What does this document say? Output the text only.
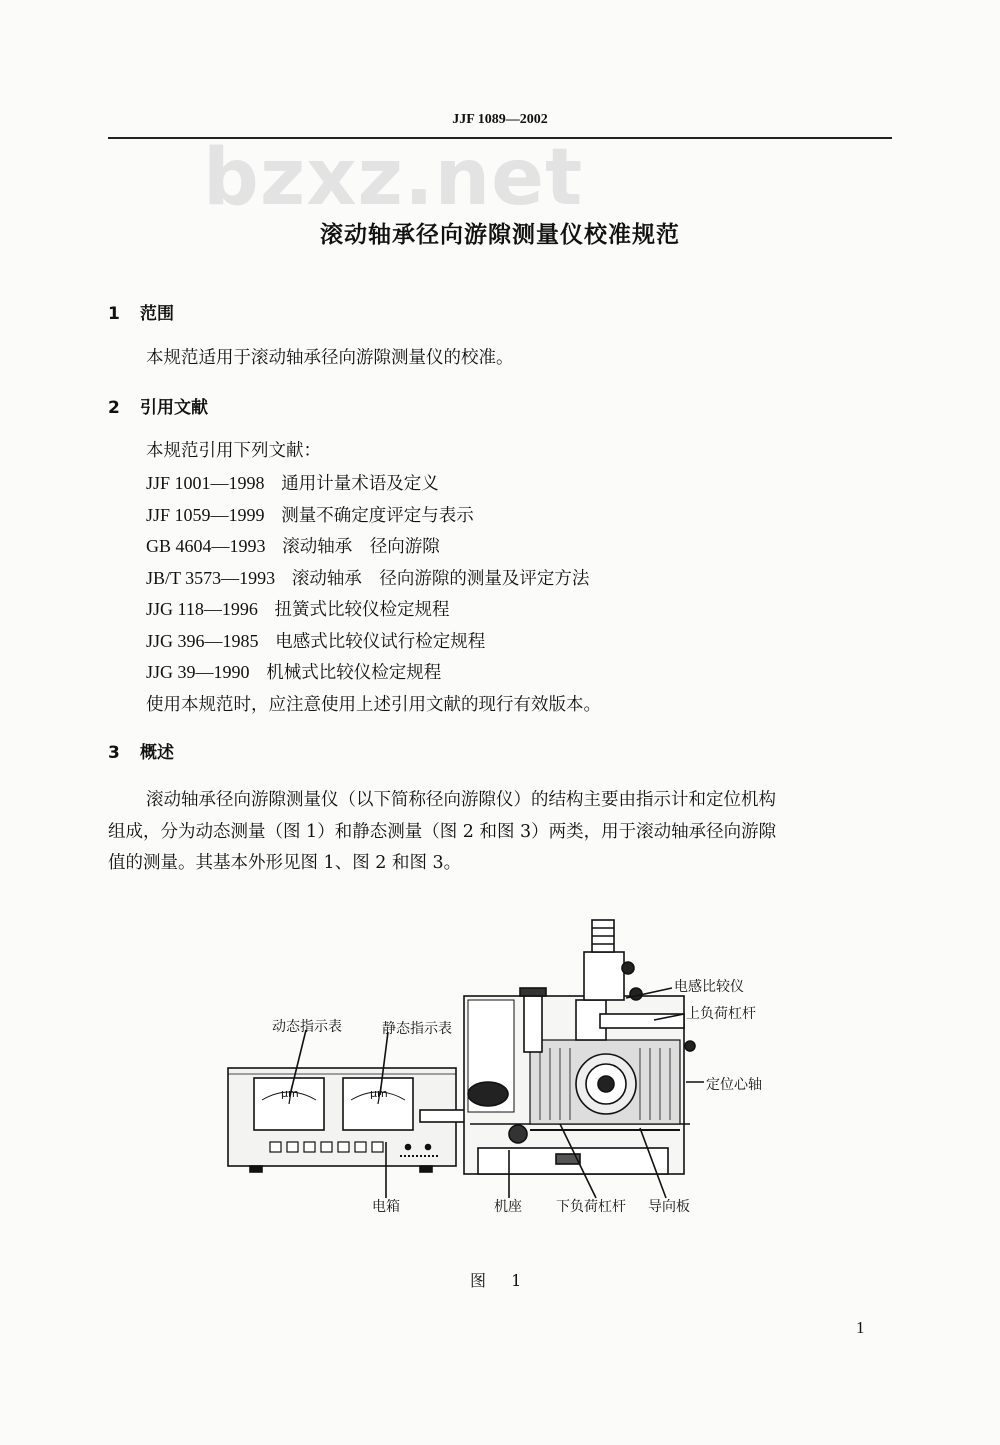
JJF 1089—2002
bzxz.net
滚动轴承径向游隙测量仪校准规范
1 范围
本规范适用于滚动轴承径向游隙测量仪的校准。
2 引用文献
本规范引用下列文献：
JJF 1001—1998 通用计量术语及定义
JJF 1059—1999 测量不确定度评定与表示
GB 4604—1993 滚动轴承　径向游隙
JB/T 3573—1993 滚动轴承　径向游隙的测量及评定方法
JJG 118—1996 扭簧式比较仪检定规程
JJG 396—1985 电感式比较仪试行检定规程
JJG 39—1990 机械式比较仪检定规程
使用本规范时，应注意使用上述引用文献的现行有效版本。
3 概述
滚动轴承径向游隙测量仪（以下简称径向游隙仪）的结构主要由指示计和定位机构
组成，分为动态测量（图 1）和静态测量（图 2 和图 3）两类，用于滚动轴承径向游隙
值的测量。其基本外形见图 1、图 2 和图 3。
动态指示表	静态指示表
μm	μm
电感比较仪
上负荷杠杆
定位心轴
电箱	机座 下负荷杠杆 导向板
图 1
1
